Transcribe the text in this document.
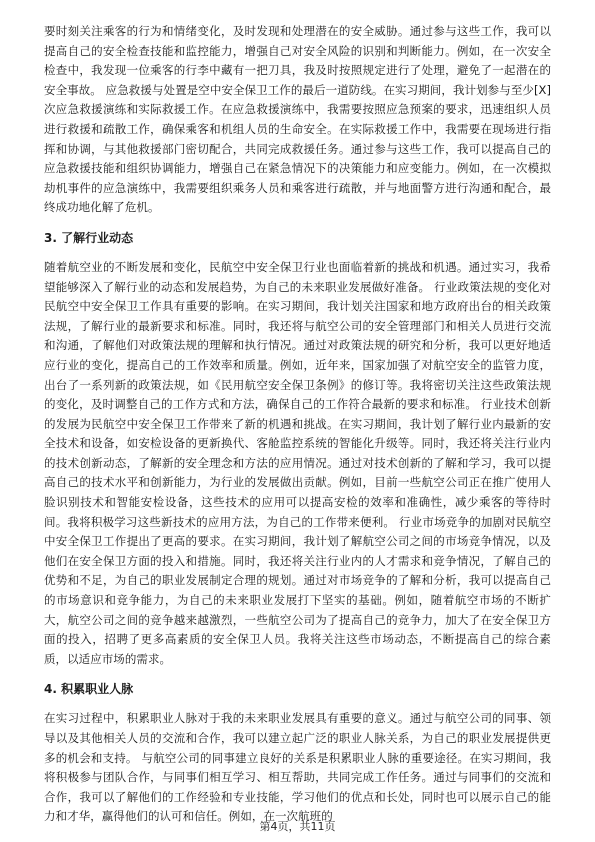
要时刻关注乘客的行为和情绪变化，及时发现和处理潜在的安全威胁。通过参与这些工作，我可以提高自己的安全检查技能和监控能力，增强自己对安全风险的识别和判断能力。例如，在一次安全检查中，我发现一位乘客的行李中藏有一把刀具，我及时按照规定进行了处理，避免了一起潜在的安全事故。 应急救援与处置是空中安全保卫工作的最后一道防线。在实习期间，我计划参与至少[X]次应急救援演练和实际救援工作。在应急救援演练中，我需要按照应急预案的要求，迅速组织人员进行救援和疏散工作，确保乘客和机组人员的生命安全。在实际救援工作中，我需要在现场进行指挥和协调，与其他救援部门密切配合，共同完成救援任务。通过参与这些工作，我可以提高自己的应急救援技能和组织协调能力，增强自己在紧急情况下的决策能力和应变能力。例如，在一次模拟劫机事件的应急演练中，我需要组织乘务人员和乘客进行疏散，并与地面警方进行沟通和配合，最终成功地化解了危机。

3. 了解行业动态

随着航空业的不断发展和变化，民航空中安全保卫行业也面临着新的挑战和机遇。通过实习，我希望能够深入了解行业的动态和发展趋势，为自己的未来职业发展做好准备。 行业政策法规的变化对民航空中安全保卫工作具有重要的影响。在实习期间，我计划关注国家和地方政府出台的相关政策法规，了解行业的最新要求和标准。同时，我还将与航空公司的安全管理部门和相关人员进行交流和沟通，了解他们对政策法规的理解和执行情况。通过对政策法规的研究和分析，我可以更好地适应行业的变化，提高自己的工作效率和质量。例如，近年来，国家加强了对航空安全的监管力度，出台了一系列新的政策法规，如《民用航空安全保卫条例》的修订等。我将密切关注这些政策法规的变化，及时调整自己的工作方式和方法，确保自己的工作符合最新的要求和标准。 行业技术创新的发展为民航空中安全保卫工作带来了新的机遇和挑战。在实习期间，我计划了解行业内最新的安全技术和设备，如安检设备的更新换代、客舱监控系统的智能化升级等。同时，我还将关注行业内的技术创新动态，了解新的安全理念和方法的应用情况。通过对技术创新的了解和学习，我可以提高自己的技术水平和创新能力，为行业的发展做出贡献。例如，目前一些航空公司正在推广使用人脸识别技术和智能安检设备，这些技术的应用可以提高安检的效率和准确性，减少乘客的等待时间。我将积极学习这些新技术的应用方法，为自己的工作带来便利。 行业市场竞争的加剧对民航空中安全保卫工作提出了更高的要求。在实习期间，我计划了解航空公司之间的市场竞争情况，以及他们在安全保卫方面的投入和措施。同时，我还将关注行业内的人才需求和竞争情况，了解自己的优势和不足，为自己的职业发展制定合理的规划。通过对市场竞争的了解和分析，我可以提高自己的市场意识和竞争能力，为自己的未来职业发展打下坚实的基础。例如，随着航空市场的不断扩大，航空公司之间的竞争越来越激烈，一些航空公司为了提高自己的竞争力，加大了在安全保卫方面的投入，招聘了更多高素质的安全保卫人员。我将关注这些市场动态，不断提高自己的综合素质，以适应市场的需求。

4. 积累职业人脉

在实习过程中，积累职业人脉对于我的未来职业发展具有重要的意义。通过与航空公司的同事、领导以及其他相关人员的交流和合作，我可以建立起广泛的职业人脉关系，为自己的职业发展提供更多的机会和支持。 与航空公司的同事建立良好的关系是积累职业人脉的重要途径。在实习期间，我将积极参与团队合作，与同事们相互学习、相互帮助，共同完成工作任务。通过与同事们的交流和合作，我可以了解他们的工作经验和专业技能，学习他们的优点和长处，同时也可以展示自己的能力和才华，赢得他们的认可和信任。例如，在一次航班的

第4页，共11页
